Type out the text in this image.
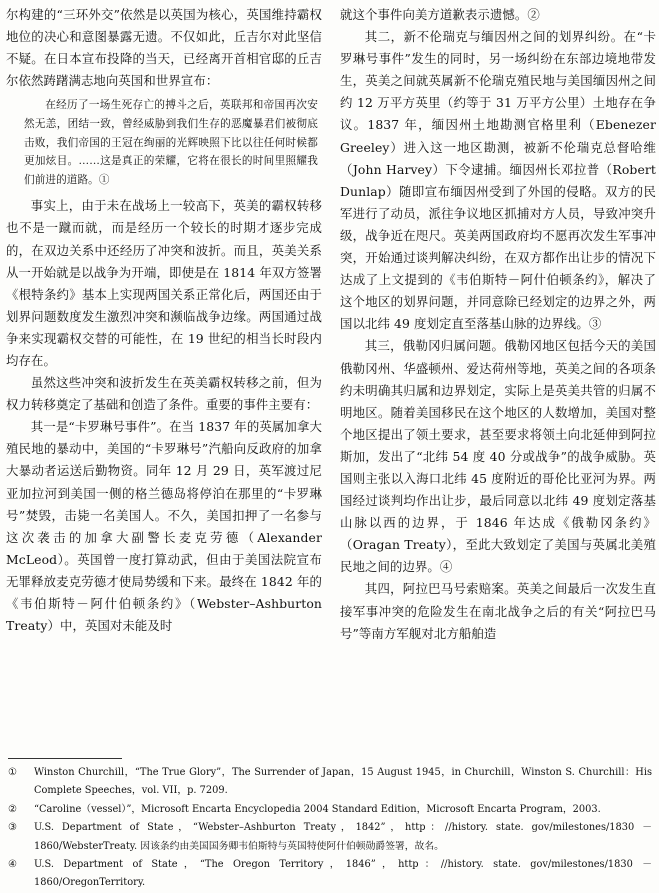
尔构建的“三环外交”依然是以英国为核心，英国维持霸权地位的决心和意图暴露无遗。不仅如此，丘吉尔对此坚信不疑。在日本宣布投降的当天，已经离开首相官邸的丘吉尔依然踌躇满志地向英国和世界宣布：

在经历了一场生死存亡的搏斗之后，英联邦和帝国再次安然无恙，团结一致，曾经威胁到我们生存的恶魔暴君们被彻底击败，我们帝国的王冠在绚丽的光辉映照下比以往任何时候都更加炫目。……这是真正的荣耀，它将在很长的时间里照耀我们前进的道路。①

事实上，由于未在战场上一较高下，英美的霸权转移也不是一蹴而就，而是经历一个较长的时期才逐步完成的，在双边关系中还经历了冲突和波折。而且，英美关系从一开始就是以战争为开端，即使是在 1814 年双方签署《根特条约》基本上实现两国关系正常化后，两国还由于划界问题数度发生激烈冲突和濒临战争边缘。两国通过战争来实现霸权交替的可能性，在 19 世纪的相当长时段内均存在。

虽然这些冲突和波折发生在英美霸权转移之前，但为权力转移奠定了基础和创造了条件。重要的事件主要有：

其一是“卡罗琳号事件”。在当 1837 年的英属加拿大殖民地的暴动中，美国的“卡罗琳号”汽船向反政府的加拿大暴动者运送后勤物资。同年 12 月 29 日，英军渡过尼亚加拉河到美国一侧的格兰德岛将停泊在那里的“卡罗琳号”焚毁，击毙一名美国人。不久，美国扣押了一名参与这次袭击的加拿大副警长麦克劳德（Alexander McLeod）。英国曾一度打算动武，但由于美国法院宣布无罪释放麦克劳德才使局势缓和下来。最终在 1842 年的《韦伯斯特－阿什伯顿条约》（Webster–Ashburton Treaty）中，英国对未能及时

就这个事件向美方道歉表示遗憾。②

其二，新不伦瑞克与缅因州之间的划界纠纷。在“卡罗琳号事件”发生的同时，另一场纠纷在东部边境地带发生，英美之间就英属新不伦瑞克殖民地与美国缅因州之间约 12 万平方英里（约等于 31 万平方公里）土地存在争议。1837 年，缅因州土地勘测官格里利（Ebenezer Greeley）进入这一地区勘测，被新不伦瑞克总督哈维（John Harvey）下令逮捕。缅因州长邓拉普（Robert Dunlap）随即宣布缅因州受到了外国的侵略。双方的民军进行了动员，派往争议地区抓捕对方人员，导致冲突升级，战争近在咫尺。英美两国政府均不愿再次发生军事冲突，开始通过谈判解决纠纷，在双方都作出让步的情况下达成了上文提到的《韦伯斯特－阿什伯顿条约》，解决了这个地区的划界问题，并同意除已经划定的边界之外，两国以北纬 49 度划定直至落基山脉的边界线。③

其三，俄勒冈归属问题。俄勒冈地区包括今天的美国俄勒冈州、华盛顿州、爱达荷州等地，英美之间的各项条约未明确其归属和边界划定，实际上是英美共管的归属不明地区。随着美国移民在这个地区的人数增加，美国对整个地区提出了领土要求，甚至要求将领土向北延伸到阿拉斯加，发出了“北纬 54 度 40 分或战争”的战争威胁。英国则主张以入海口北纬 45 度附近的哥伦比亚河为界。两国经过谈判均作出让步，最后同意以北纬 49 度划定落基山脉以西的边界，于 1846 年达成《俄勒冈条约》（Oragan Treaty），至此大致划定了美国与英属北美殖民地之间的边界。④

其四，阿拉巴马号索赔案。英美之间最后一次发生直接军事冲突的危险发生在南北战争之后的有关“阿拉巴马号”等南方军舰对北方船舶造

① Winston Churchill，“The True Glory”，The Surrender of Japan，15 August 1945，in Churchill，Winston S. Churchill：His Complete Speeches，vol. VII，p. 7209.

② “Caroline（vessel）”，Microsoft Encarta Encyclopedia 2004 Standard Edition，Microsoft Encarta Program，2003.

③ U.S. Department of State，“Webster–Ashburton Treaty，1842”，http：//history. state. gov/milestones/1830 － 1860/WebsterTreaty. 因该条约由美国国务卿韦伯斯特与英国特使阿什伯顿勋爵签署，故名。

④ U.S. Department of State，“The Oregon Territory，1846”，http：//history. state. gov/milestones/1830 － 1860/OregonTerritory.
